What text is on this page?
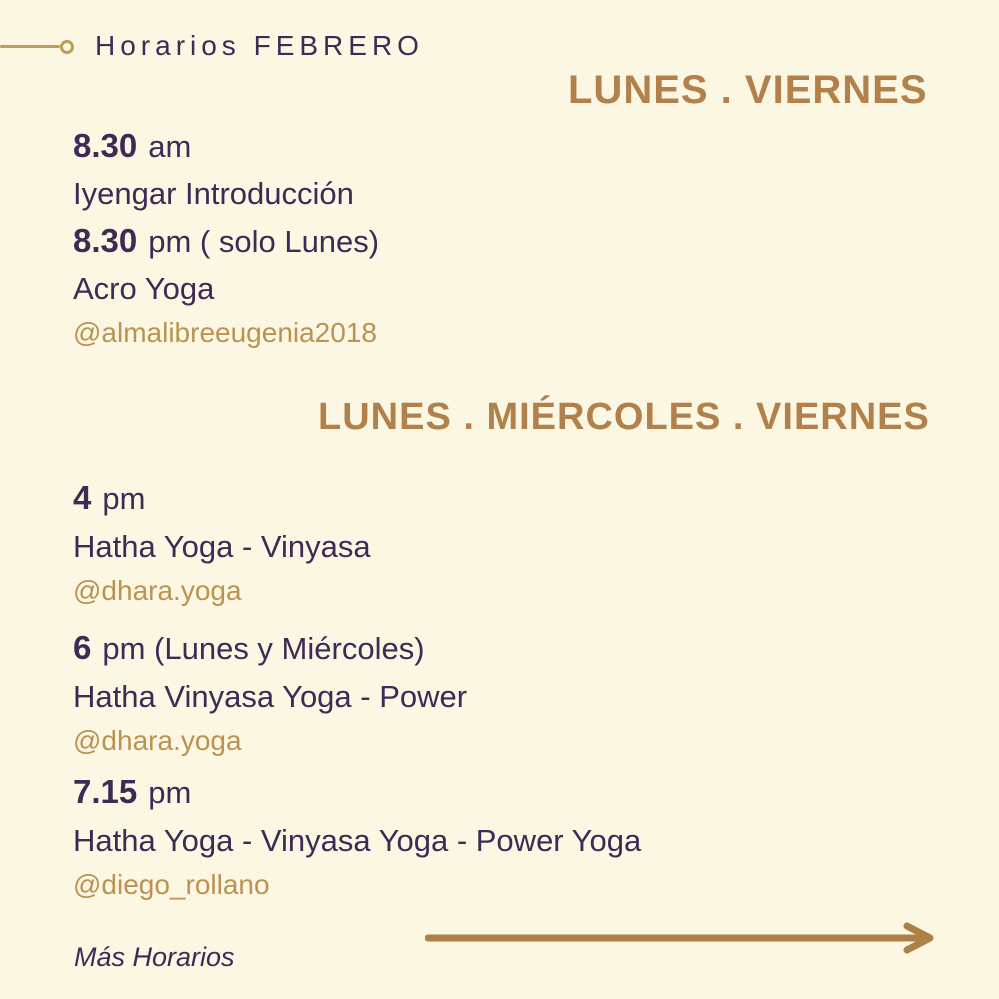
Horarios FEBRERO
LUNES . VIERNES
8.30 am
Iyengar Introducción
8.30 pm ( solo Lunes)
Acro Yoga
@almalibreeugenia2018
LUNES . MIÉRCOLES . VIERNES
4 pm
Hatha Yoga - Vinyasa
@dhara.yoga
6 pm (Lunes y Miércoles)
Hatha Vinyasa Yoga - Power
@dhara.yoga
7.15 pm
Hatha Yoga - Vinyasa Yoga - Power Yoga
@diego_rollano
Más Horarios
